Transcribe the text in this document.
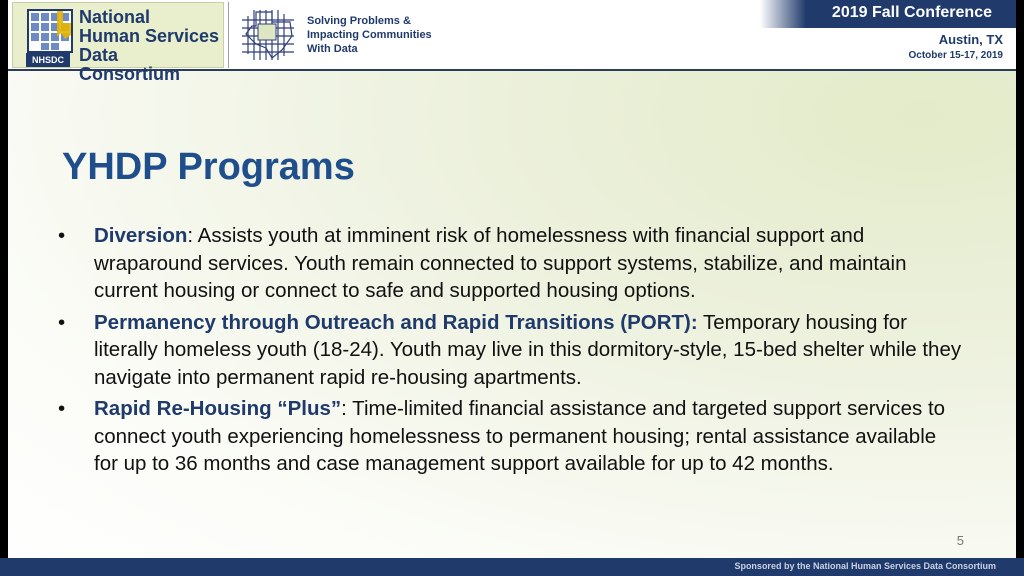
NHSDC
National
Human Services
Data Consortium
Solving Problems &
Impacting Communities
With Data
2019 Fall Conference
Austin, TX
October 15-17, 2019
YHDP Programs
•	Diversion: Assists youth at imminent risk of homelessness with financial support and wraparound services. Youth remain connected to support systems, stabilize, and maintain current housing or connect to safe and supported housing options.
•	Permanency through Outreach and Rapid Transitions (PORT): Temporary housing for literally homeless youth (18-24). Youth may live in this dormitory-style, 15-bed shelter while they navigate into permanent rapid re-housing apartments.
•	Rapid Re-Housing “Plus”: Time-limited financial assistance and targeted support services to connect youth experiencing homelessness to permanent housing; rental assistance available for up to 36 months and case management support available for up to 42 months.
5
Sponsored by the National Human Services Data Consortium
